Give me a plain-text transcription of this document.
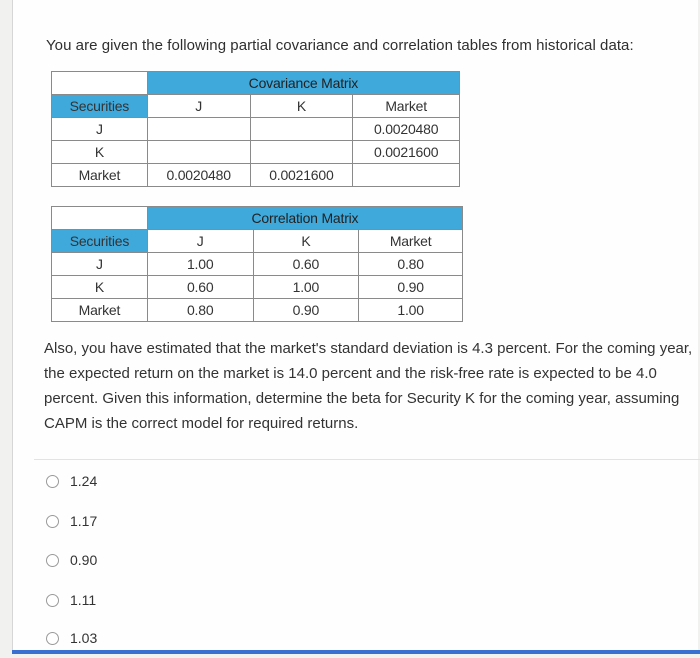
You are given the following partial covariance and correlation tables from historical data:

	Covariance Matrix		
Securities	J	K	Market
J			0.0020480
K			0.0021600
Market	0.0020480	0.0021600	
	Correlation Matrix		
Securities	J	K	Market
J	1.00	0.60	0.80
K	0.60	1.00	0.90
Market	0.80	0.90	1.00

Also, you have estimated that the market's standard deviation is 4.3 percent. For the coming year, the expected return on the market is 14.0 percent and the risk-free rate is expected to be 4.0 percent. Given this information, determine the beta for Security K for the coming year, assuming CAPM is the correct model for required returns.

1.24
1.17
0.90
1.11
1.03
